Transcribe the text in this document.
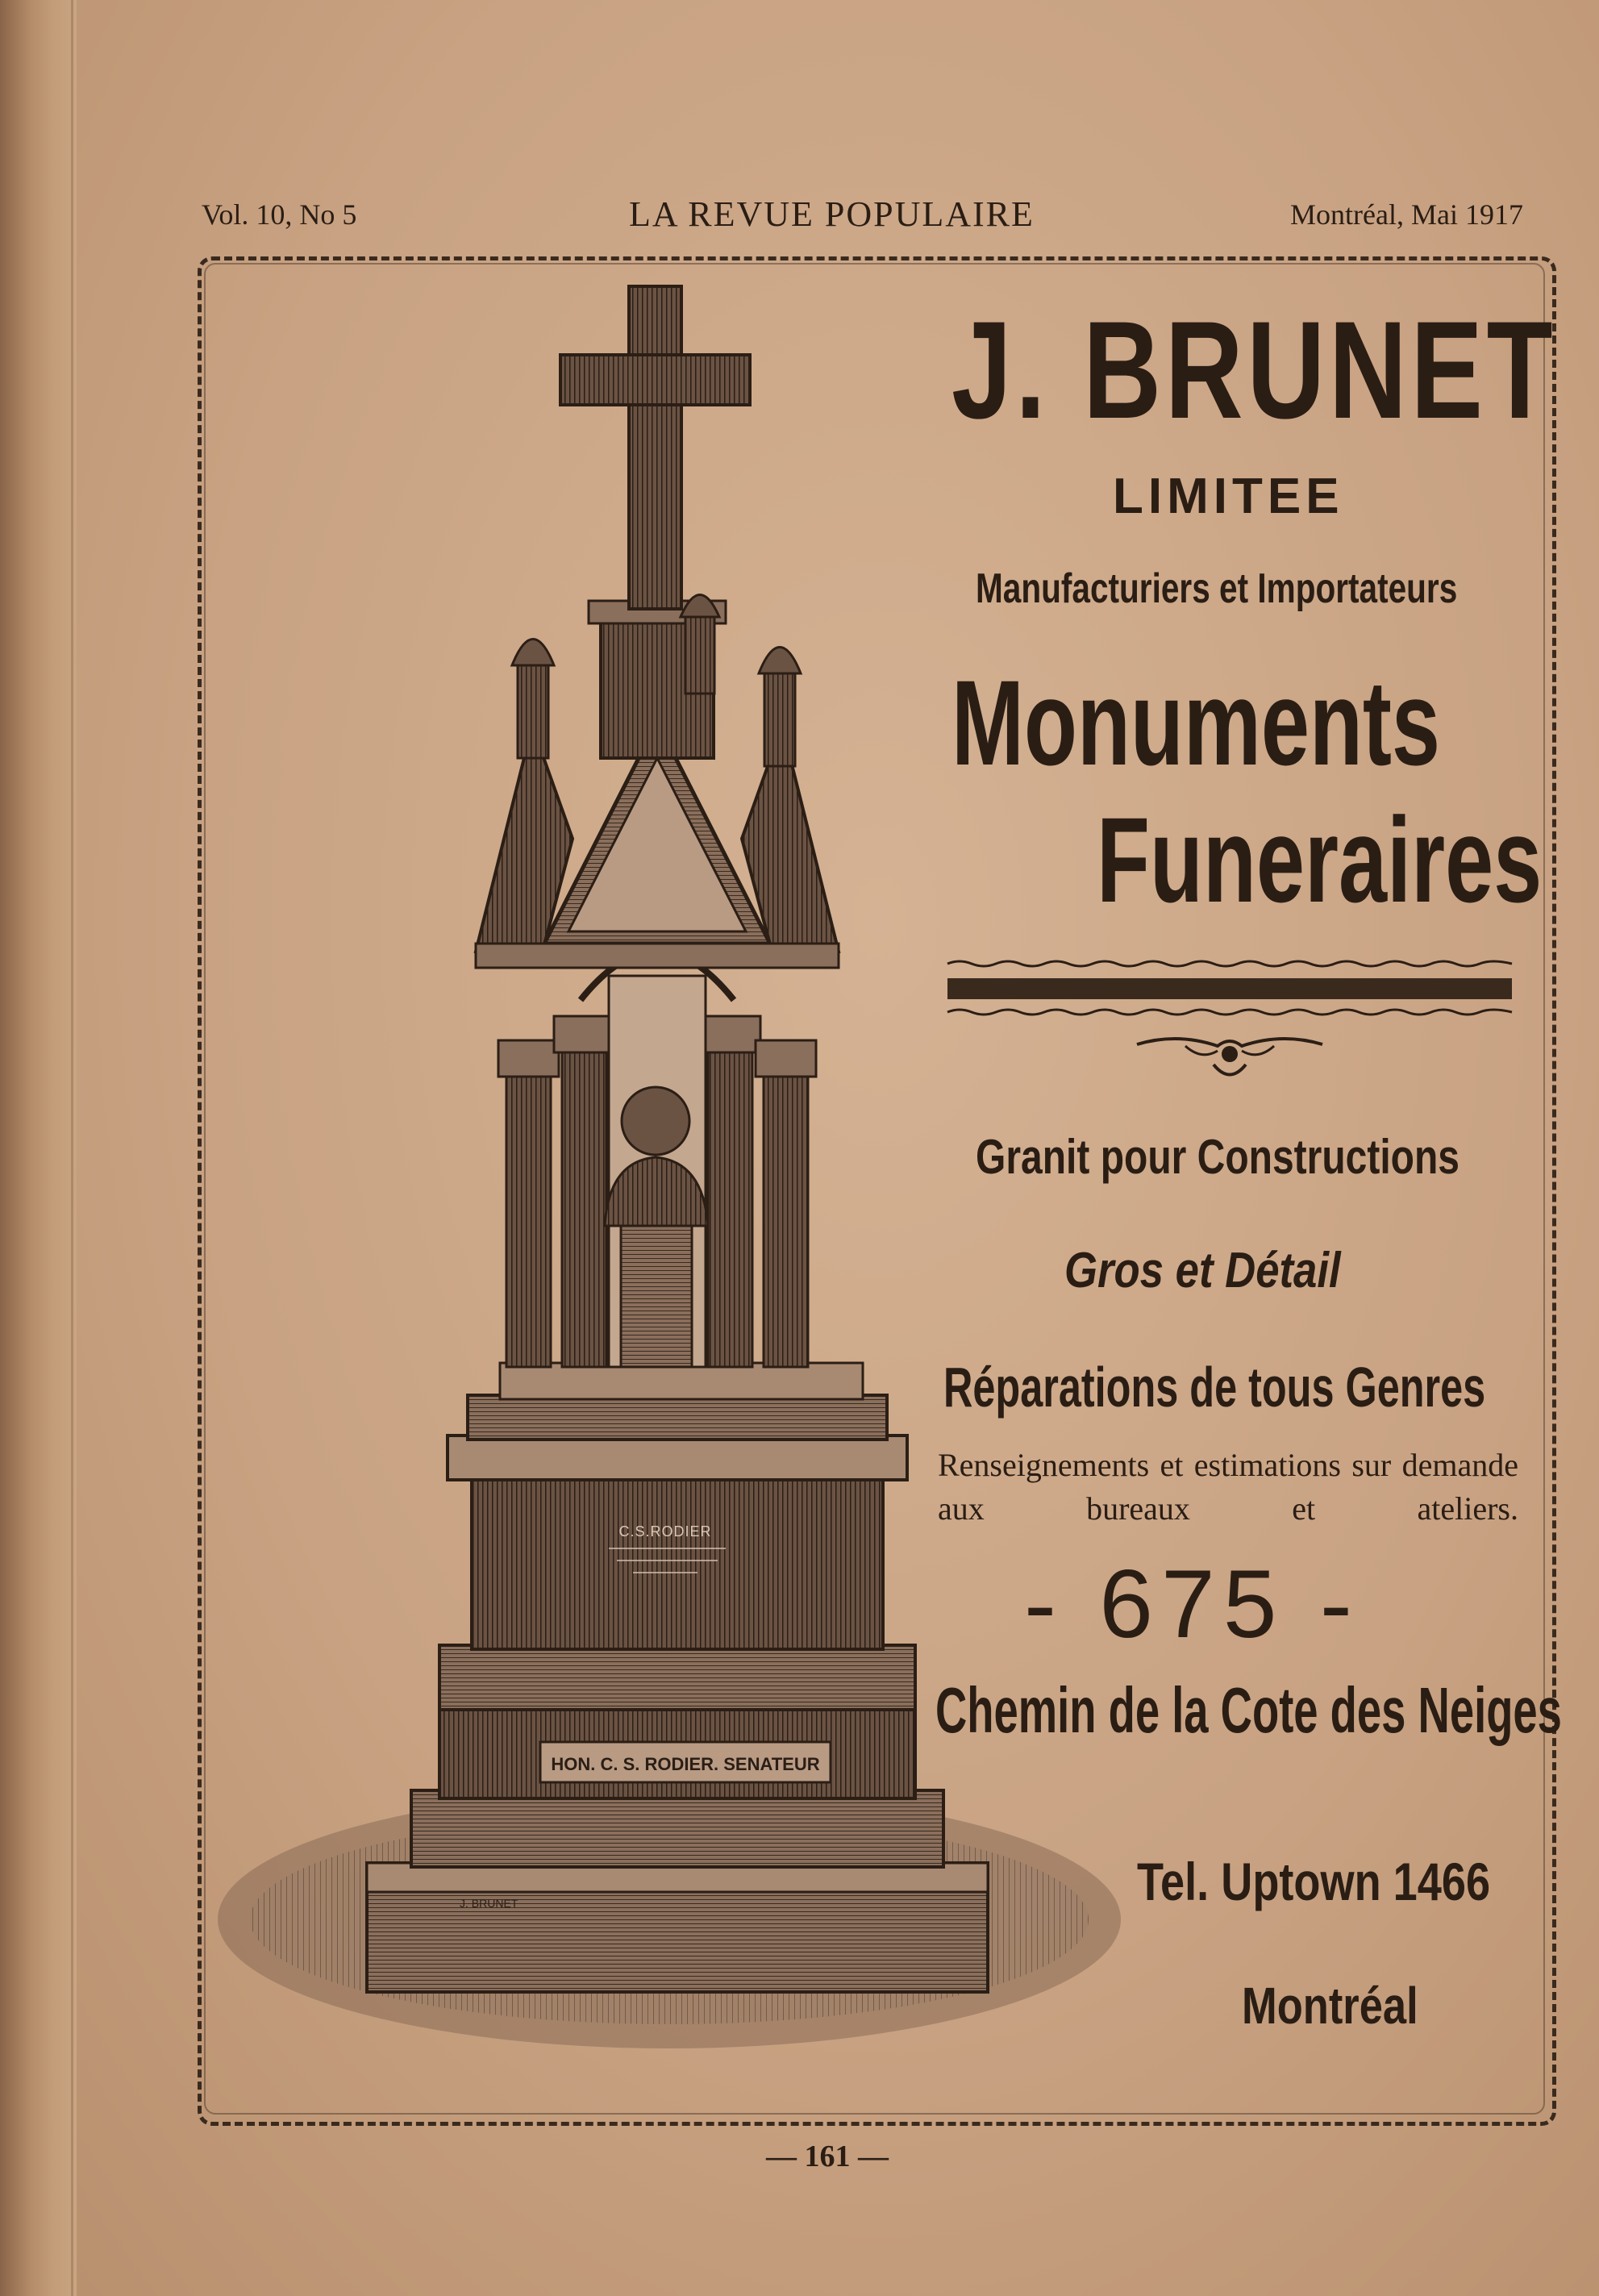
Vol. 10, No 5	LA REVUE POPULAIRE	Montréal, Mai 1917
C.S.RODIER
HON. C. S. RODIER. SENATEUR
J. BRUNET
J. BRUNET
LIMITEE
Manufacturiers et Importateurs
Monuments
Funeraires
Granit pour Constructions
Gros et Détail
Réparations de tous Genres
Renseignements et estimations sur demande aux bureaux et ateliers.
- 675 -
Chemin de la Cote des Neiges
Tel. Uptown 1466
Montréal
— 161 —
